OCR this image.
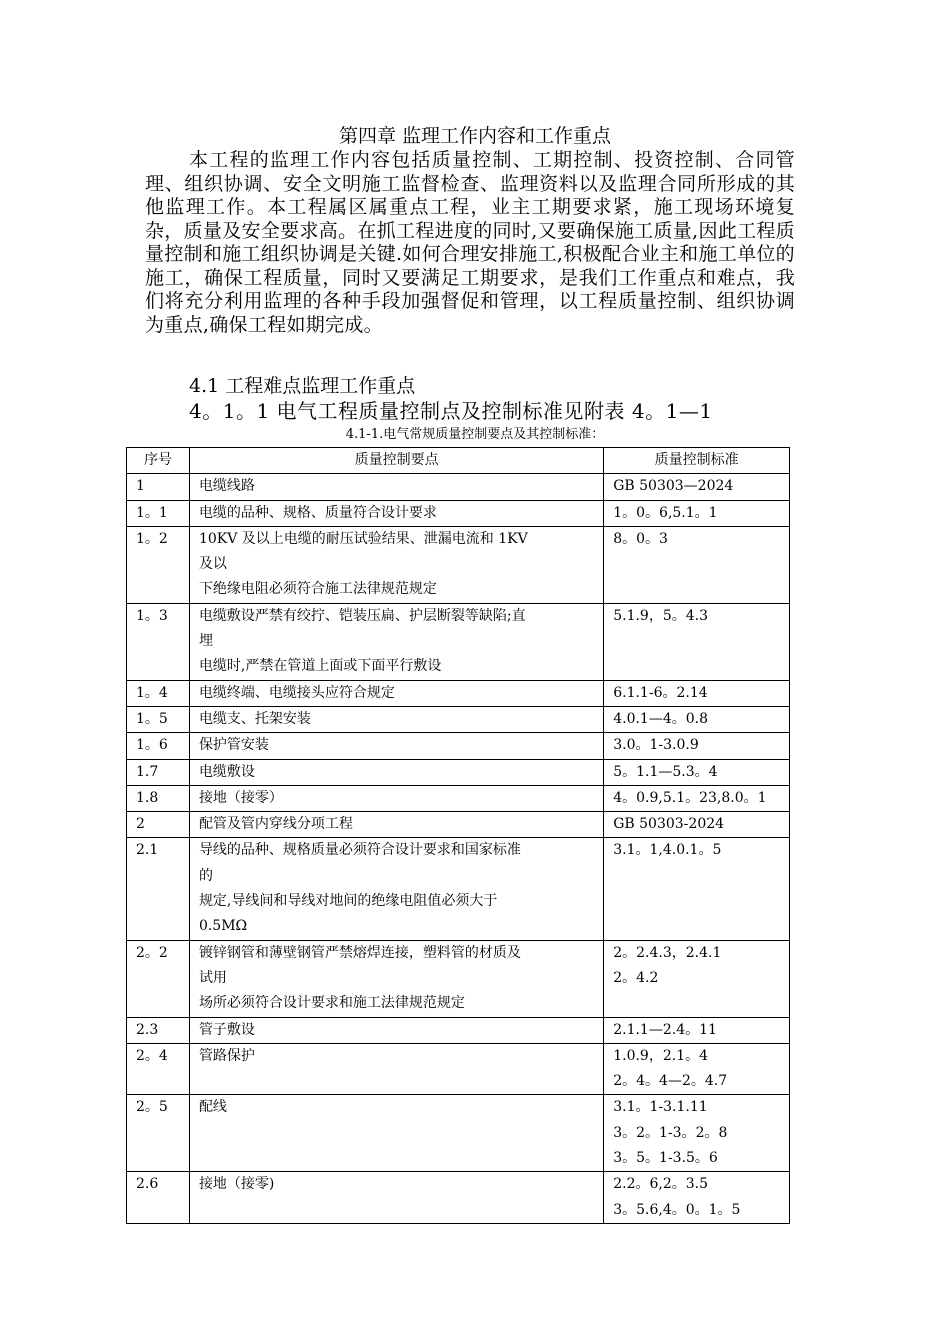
第四章 监理工作内容和工作重点
本工程的监理工作内容包括质量控制、工期控制、投资控制、合同管理、组织协调、安全文明施工监督检查、监理资料以及监理合同所形成的其他监理工作。本工程属区属重点工程，业主工期要求紧，施工现场环境复杂，质量及安全要求高。在抓工程进度的同时,又要确保施工质量,因此工程质量控制和施工组织协调是关键.如何合理安排施工,积极配合业主和施工单位的施工，确保工程质量，同时又要满足工期要求，是我们工作重点和难点，我们将充分利用监理的各种手段加强督促和管理，以工程质量控制、组织协调为重点,确保工程如期完成。
4.1 工程难点监理工作重点
4。1。1 电气工程质量控制点及控制标准见附表 4。1—1
4.1-1.电气常规质量控制要点及其控制标准：
序号	质量控制要点	质量控制标准
1	电缆线路	GB 50303—2024

1。1	电缆的品种、规格、质量符合设计要求	1。0。6,5.1。1

1。2	10KV 及以上电缆的耐压试验结果、泄漏电流和 1KV
及以
下绝缘电阻必须符合施工法律规范规定	8。0。3

1。3	电缆敷设严禁有绞拧、铠装压扁、护层断裂等缺陷;直
埋
电缆时,严禁在管道上面或下面平行敷设	5.1.9，5。4.3

1。4	电缆终端、电缆接头应符合规定	6.1.1-6。2.14

1。5	电缆支、托架安装	4.0.1—4。0.8

1。6	保护管安装	3.0。1-3.0.9

1.7	电缆敷设	5。1.1—5.3。4

1.8	接地（接零）	4。0.9,5.1。23,8.0。1

2	配管及管内穿线分项工程	GB 50303-2024

2.1	导线的品种、规格质量必须符合设计要求和国家标准
的
规定,导线间和导线对地间的绝缘电阻值必须大于
0.5MΩ	3.1。1,4.0.1。5

2。2	镀锌钢管和薄壁钢管严禁熔焊连接，塑料管的材质及
试用
场所必须符合设计要求和施工法律规范规定	2。2.4.3，2.4.1
2。4.2

2.3	管子敷设	2.1.1—2.4。11

2。4	管路保护	1.0.9，2.1。4
2。4。4—2。4.7

2。5	配线	3.1。1-3.1.11
3。2。1-3。2。8
3。5。1-3.5。6

2.6	接地（接零)	2.2。6,2。3.5
3。5.6,4。0。1。5
